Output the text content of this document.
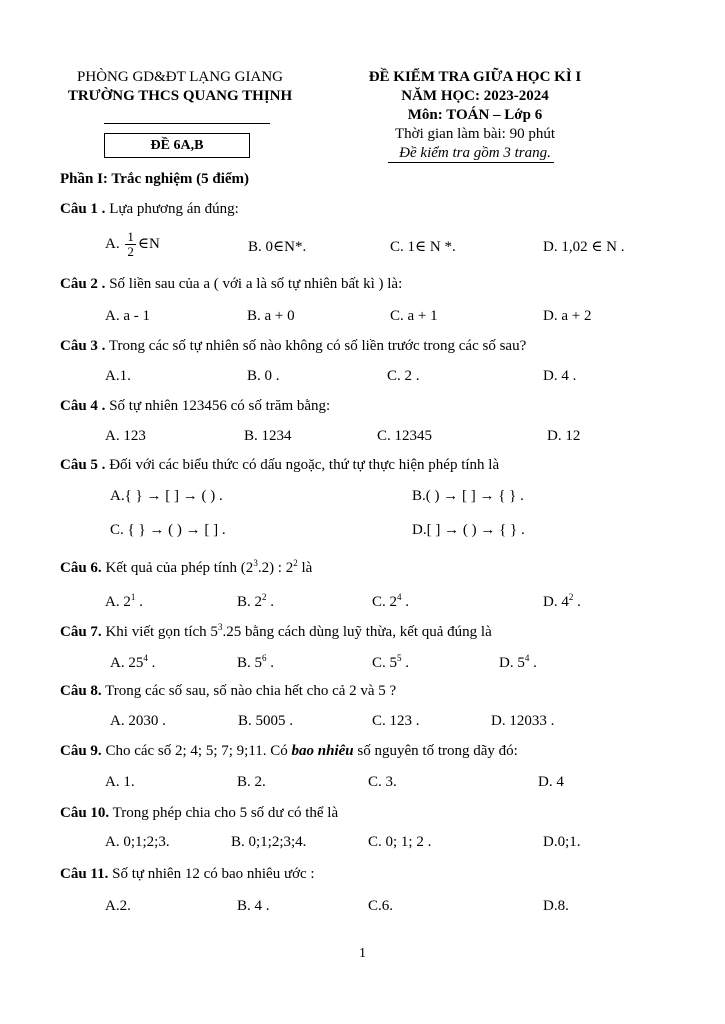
PHÒNG GD&ĐT LẠNG GIANG
TRƯỜNG THCS QUANG THỊNH
ĐỀ 6A,B
ĐỀ KIỂM TRA GIỮA HỌC KÌ I
NĂM HỌC: 2023-2024
Môn: TOÁN – Lớp 6
Thời gian làm bài: 90 phút
Đề kiểm tra gồm 3 trang.
Phần I: Trắc nghiệm (5 điểm)
Câu 1 . Lựa phương án đúng:
A. $\frac{1}{2}$ ∈N	B. 0∈N*.	C. 1∈ N *.	D. 1,02 ∈ N .
Câu 2 . Số liền sau của a ( với a là số tự nhiên bất kì ) là:
A. a - 1	B. a + 0	C. a + 1	D. a + 2
Câu 3 . Trong các số tự nhiên số nào không có số liền trước trong các số sau?
A.1.	B. 0 .	C. 2 .	D. 4 .
Câu 4 . Số tự nhiên 123456 có số trăm bằng:
A. 123	B. 1234	C. 12345	D. 12
Câu 5 . Đối với các biểu thức có dấu ngoặc, thứ tự thực hiện phép tính là
A.{ } → [ ] → ( ) .	B.( ) → [ ] → { } .
C. { } → ( ) → [ ] .	D.[ ] → ( ) → { } .
Câu 6. Kết quả của phép tính $(2^3.2)$ : $2^2$ là
A. $2^1$ .	B. $2^2$ .	C. $2^4$ .	D. $4^2$ .
Câu 7. Khi viết gọn tích $5^3.25$ bằng cách dùng luỹ thừa, kết quả đúng là
A. $25^4$ .	B. $5^6$ .	C. $5^5$ .	D. $5^4$ .
Câu 8. Trong các số sau, số nào chia hết cho cả 2 và 5 ?
A. 2030 .	B. 5005 .	C. 123 .	D. 12033 .
Câu 9. Cho các số 2; 4; 5; 7; 9;11. Có bao nhiêu số nguyên tố trong dãy đó:
A. 1.	B. 2.	C. 3.	D. 4
Câu 10. Trong phép chia cho 5 số dư có thể là
A. 0;1;2;3.	B. 0;1;2;3;4.	C. 0; 1; 2 .	D.0;1.
Câu 11. Số tự nhiên 12 có bao nhiêu ước :
A.2.	B. 4 .	C.6.	D.8.
1
